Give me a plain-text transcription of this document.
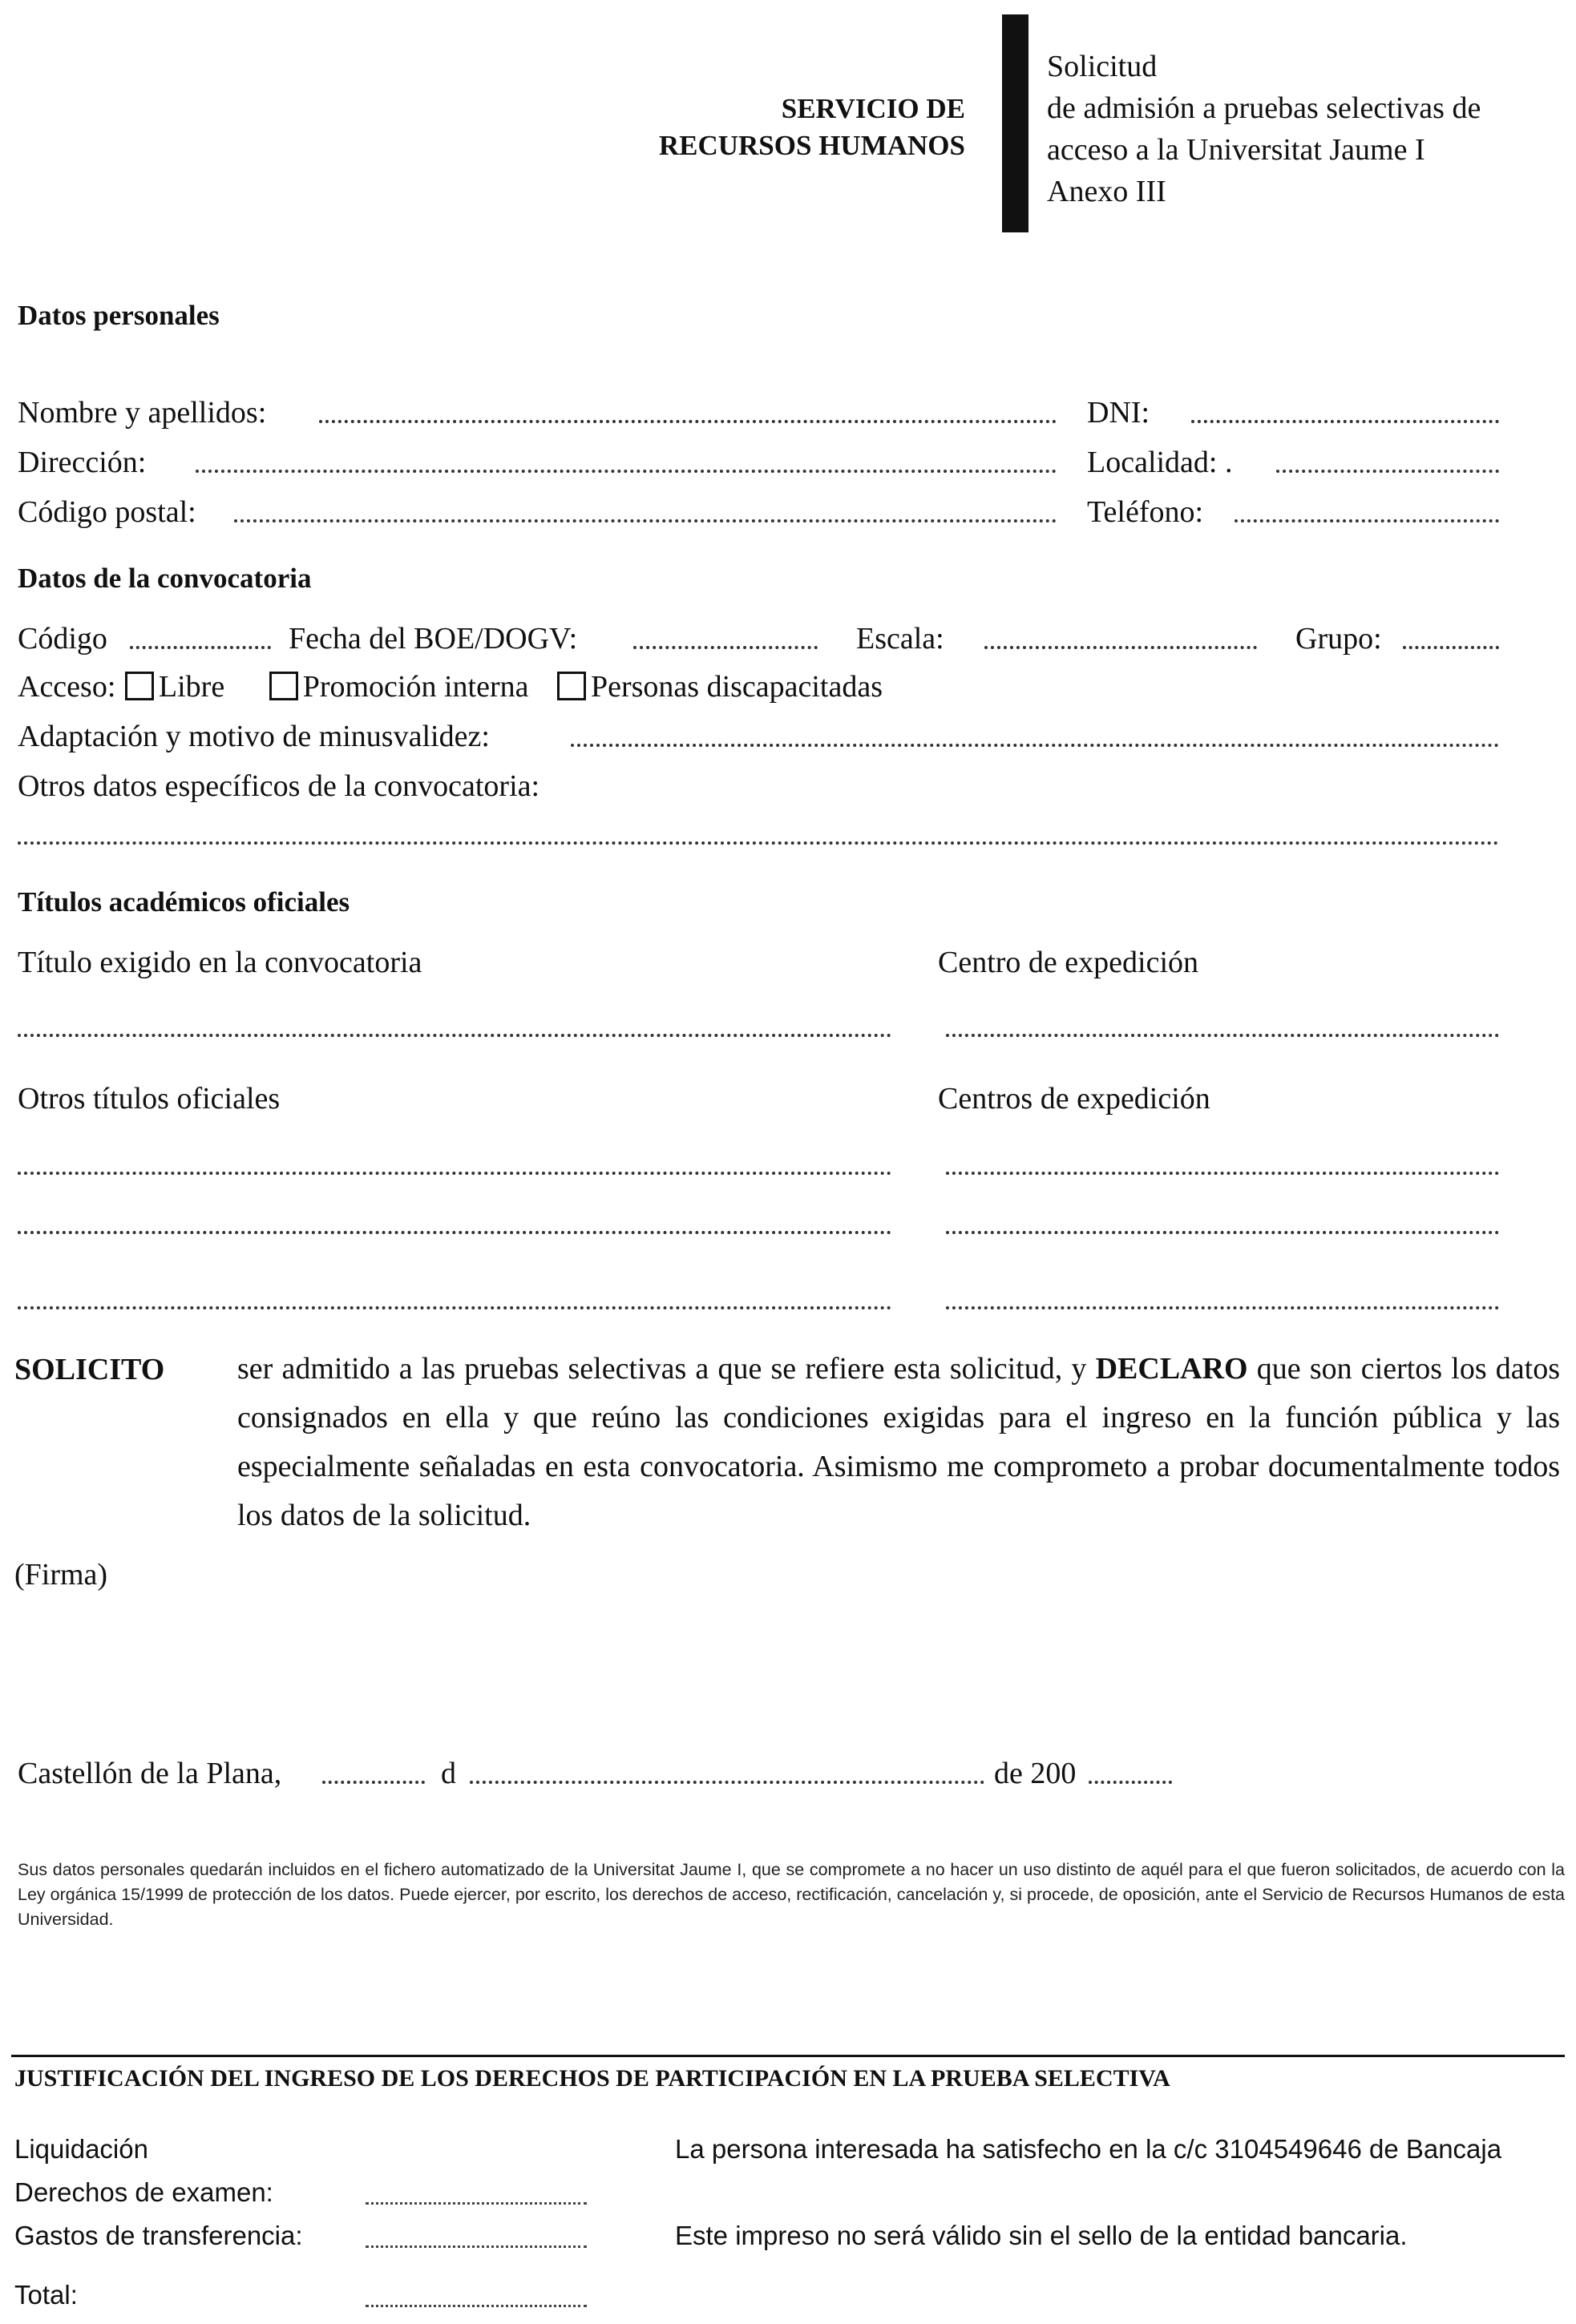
SERVICIO DE
RECURSOS HUMANOS
Solicitud
de admisión a pruebas selectivas de
acceso a la Universitat Jaume I
Anexo III
Datos personales
Nombre y apellidos:	DNI:
Dirección:	Localidad: .
Código postal:	Teléfono:
Datos de la convocatoria
Código	Fecha del BOE/DOGV:	Escala:	Grupo:
Acceso: Libre	Promoción interna Personas discapacitadas
Adaptación y motivo de minusvalidez:
Otros datos específicos de la convocatoria:
Títulos académicos oficiales
Título exigido en la convocatoria	Centro de expedición
Otros títulos oficiales	Centros de expedición
SOLICITO ser admitido a las pruebas selectivas a que se refiere esta solicitud, y DECLARO que son ciertos los datos consignados en ella y que reúno las condiciones exigidas para el ingreso en la función pública y las especialmente señaladas en esta convocatoria. Asimismo me comprometo a probar documentalmente todos los datos de la solicitud.
(Firma)
Castellón de la Plana,	d	de 200
Sus datos personales quedarán incluidos en el fichero automatizado de la Universitat Jaume I, que se compromete a no hacer un uso distinto de aquél para el que fueron solicitados, de acuerdo con la Ley orgánica 15/1999 de protección de los datos. Puede ejercer, por escrito, los derechos de acceso, rectificación, cancelación y, si procede, de oposición, ante el Servicio de Recursos Humanos de esta Universidad.
JUSTIFICACIÓN DEL INGRESO DE LOS DERECHOS DE PARTICIPACIÓN EN LA PRUEBA SELECTIVA
Liquidación	La persona interesada ha satisfecho en la c/c 3104549646 de Bancaja
Derechos de examen:
Gastos de transferencia:	Este impreso no será válido sin el sello de la entidad bancaria.
Total:
